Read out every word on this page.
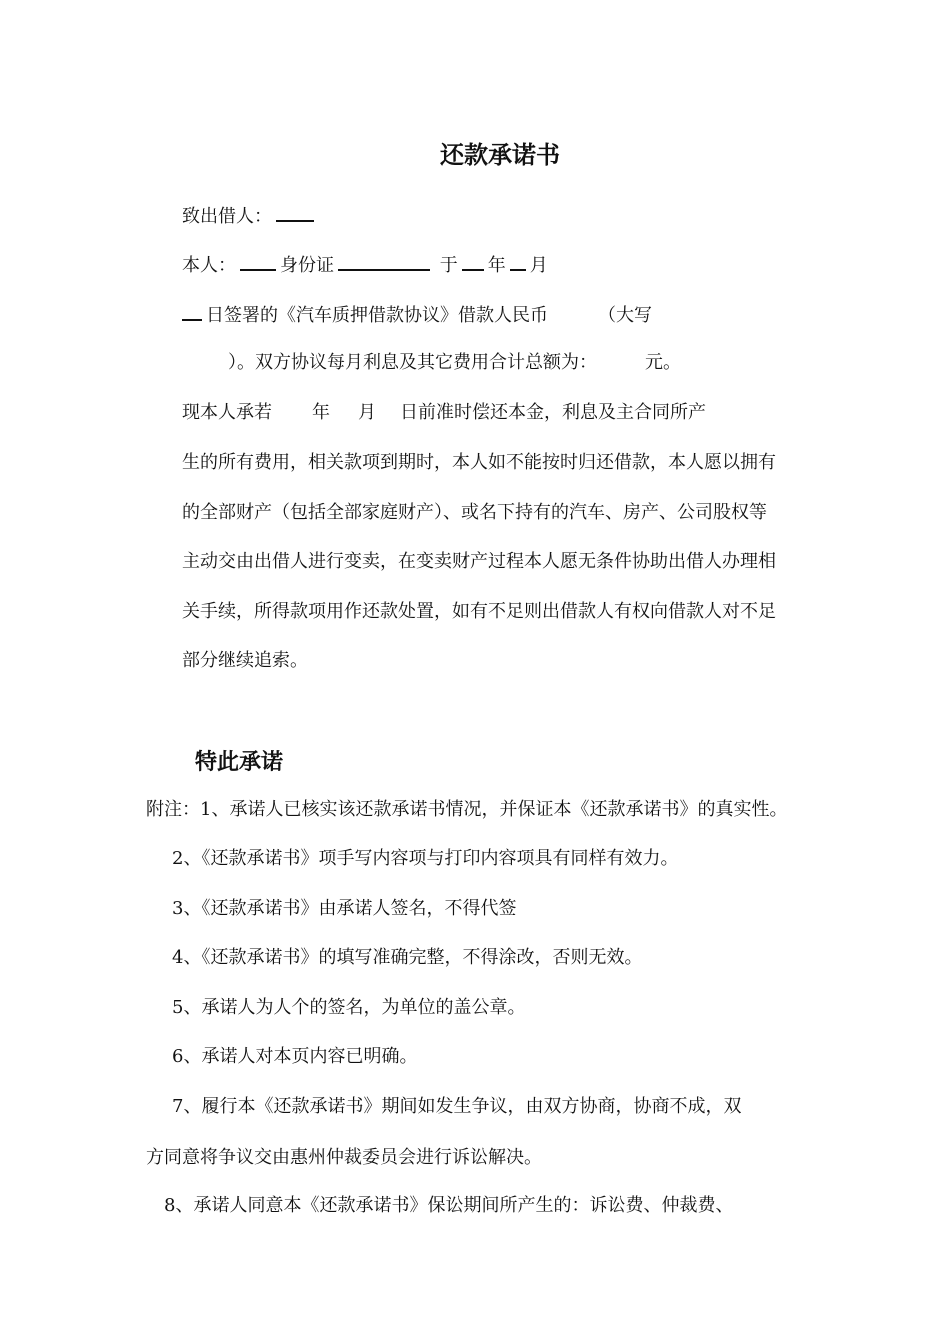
还款承诺书
致出借人：
本人： 身份证	于 年 月
日签署的《汽车质押借款协议》借款人民币	（大写
）。双方协议每月利息及其它费用合计总额为：	元。
现本人承若 年 月 日前准时偿还本金，利息及主合同所产
生的所有费用，相关款项到期时，本人如不能按时归还借款，本人愿以拥有
的全部财产（包括全部家庭财产）、或名下持有的汽车、房产、公司股权等
主动交由出借人进行变卖，在变卖财产过程本人愿无条件协助出借人办理相
关手续，所得款项用作还款处置，如有不足则出借款人有权向借款人对不足
部分继续追索。
特此承诺
附注：1、承诺人已核实该还款承诺书情况，并保证本《还款承诺书》的真实性。
2、《还款承诺书》项手写内容项与打印内容项具有同样有效力。
3、《还款承诺书》由承诺人签名，不得代签
4、《还款承诺书》的填写准确完整，不得涂改，否则无效。
5、承诺人为人个的签名，为单位的盖公章。
6、承诺人对本页内容已明确。
7、履行本《还款承诺书》期间如发生争议，由双方协商，协商不成，双
方同意将争议交由惠州仲裁委员会进行诉讼解决。
8、承诺人同意本《还款承诺书》保讼期间所产生的：诉讼费、仲裁费、
